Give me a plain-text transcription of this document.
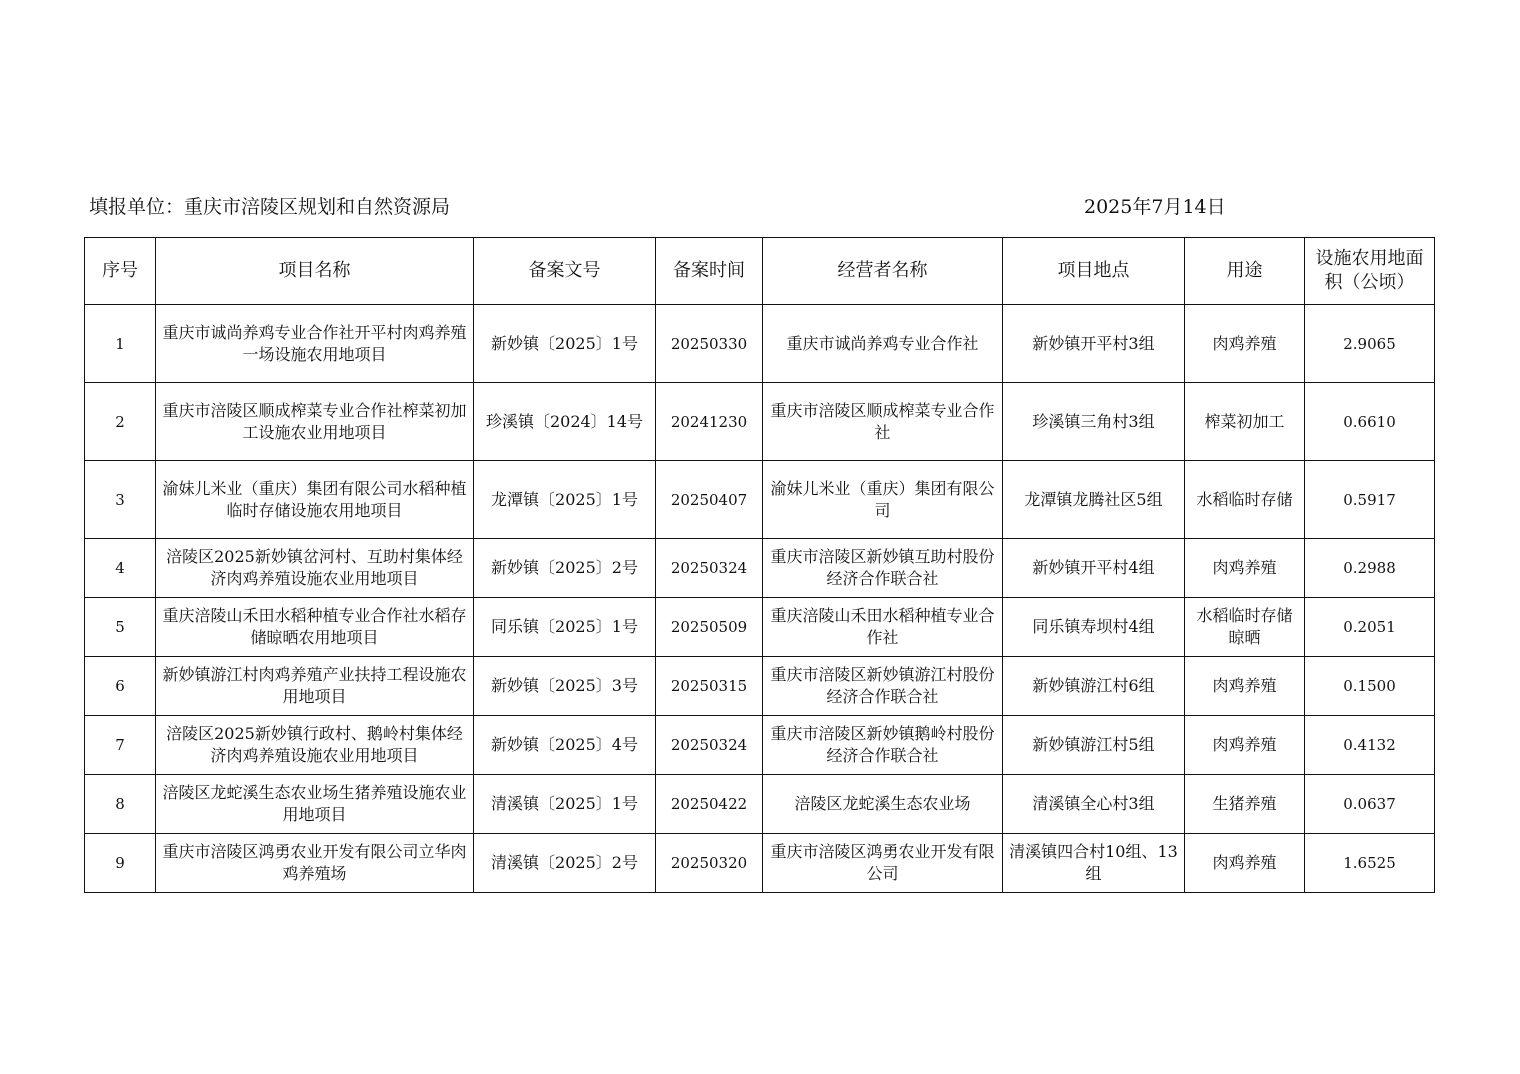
填报单位：重庆市涪陵区规划和自然资源局	2025年7月14日
序号	项目名称	备案文号	备案时间	经营者名称	项目地点	用途	设施农用地面积（公顷）
1	重庆市诚尚养鸡专业合作社开平村肉鸡养殖一场设施农用地项目	新妙镇〔2025〕1号	20250330	重庆市诚尚养鸡专业合作社	新妙镇开平村3组	肉鸡养殖	2.9065
2	重庆市涪陵区顺成榨菜专业合作社榨菜初加工设施农业用地项目	珍溪镇〔2024〕14号	20241230	重庆市涪陵区顺成榨菜专业合作社	珍溪镇三角村3组	榨菜初加工	0.6610
3	渝妹儿米业（重庆）集团有限公司水稻种植临时存储设施农用地项目	龙潭镇〔2025〕1号	20250407	渝妹儿米业（重庆）集团有限公司	龙潭镇龙腾社区5组	水稻临时存储	0.5917
4	涪陵区2025新妙镇岔河村、互助村集体经济肉鸡养殖设施农业用地项目	新妙镇〔2025〕2号	20250324	重庆市涪陵区新妙镇互助村股份经济合作联合社	新妙镇开平村4组	肉鸡养殖	0.2988
5	重庆涪陵山禾田水稻种植专业合作社水稻存储晾晒农用地项目	同乐镇〔2025〕1号	20250509	重庆涪陵山禾田水稻种植专业合作社	同乐镇寿坝村4组	水稻临时存储晾晒	0.2051
6	新妙镇游江村肉鸡养殖产业扶持工程设施农用地项目	新妙镇〔2025〕3号	20250315	重庆市涪陵区新妙镇游江村股份经济合作联合社	新妙镇游江村6组	肉鸡养殖	0.1500
7	涪陵区2025新妙镇行政村、鹅岭村集体经济肉鸡养殖设施农业用地项目	新妙镇〔2025〕4号	20250324	重庆市涪陵区新妙镇鹅岭村股份经济合作联合社	新妙镇游江村5组	肉鸡养殖	0.4132
8	涪陵区龙蛇溪生态农业场生猪养殖设施农业用地项目	清溪镇〔2025〕1号	20250422	涪陵区龙蛇溪生态农业场	清溪镇全心村3组	生猪养殖	0.0637
9	重庆市涪陵区鸿勇农业开发有限公司立华肉鸡养殖场	清溪镇〔2025〕2号	20250320	重庆市涪陵区鸿勇农业开发有限公司	清溪镇四合村10组、13组	肉鸡养殖	1.6525
